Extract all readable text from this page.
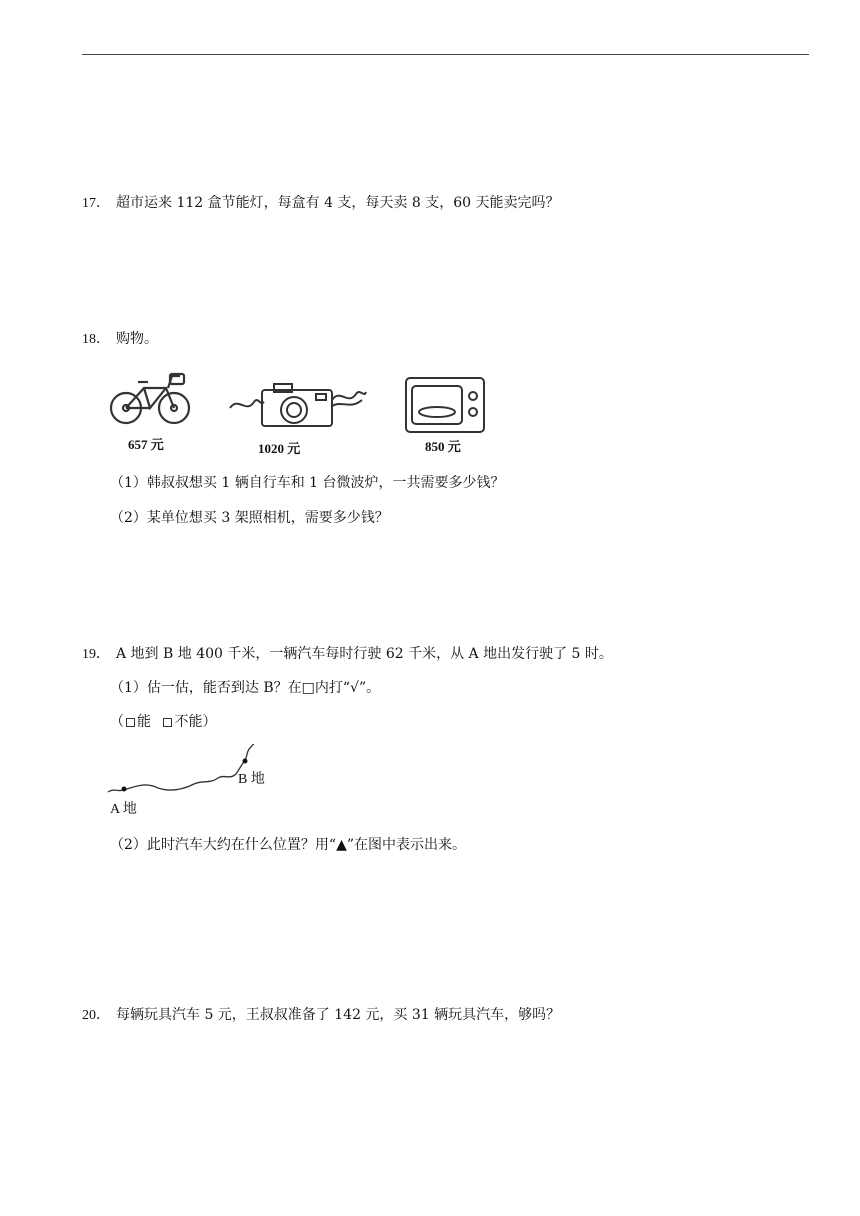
17． 超市运来 112 盒节能灯，每盒有 4 支，每天卖 8 支，60 天能卖完吗？
18． 购物。
657 元	1020 元	850 元
（1）韩叔叔想买 1 辆自行车和 1 台微波炉，一共需要多少钱？
（2）某单位想买 3 架照相机，需要多少钱？
19． A 地到 B 地 400 千米，一辆汽车每时行驶 62 千米，从 A 地出发行驶了 5 时。
（1）估一估，能否到达 B？在□内打“√”。
（ 能 不能）
B 地
A 地
（2）此时汽车大约在什么位置？用“▲”在图中表示出来。
20． 每辆玩具汽车 5 元，王叔叔准备了 142 元，买 31 辆玩具汽车，够吗？
